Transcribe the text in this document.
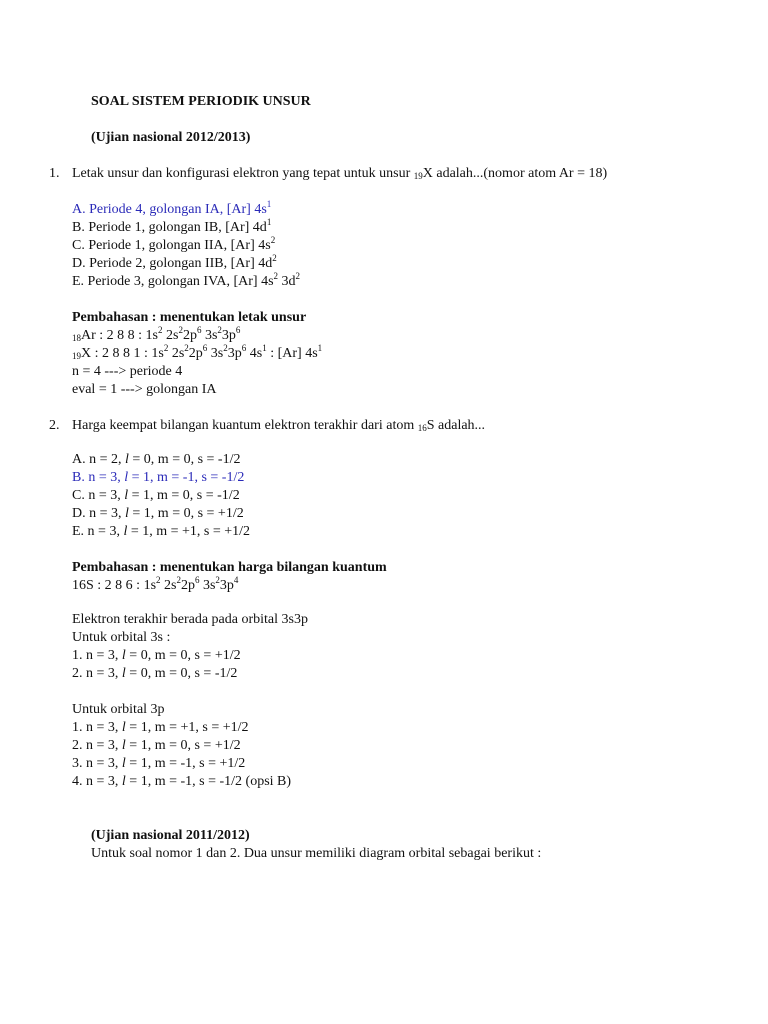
SOAL SISTEM PERIODIK UNSUR
(Ujian nasional 2012/2013)
1. Letak unsur dan konfigurasi elektron yang tepat untuk unsur 19X adalah...(nomor atom Ar = 18)
A. Periode 4, golongan IA, [Ar] $4s^1$
B. Periode 1, golongan IB, [Ar] $4d^1$
C. Periode 1, golongan IIA, [Ar] $4s^2$
D. Periode 2, golongan IIB, [Ar] $4d^2$
E. Periode 3, golongan IVA, [Ar] $4s^2$ $3d^2$
Pembahasan : menentukan letak unsur
18Ar : 2 8 8 : $1s^2$ $2s^22p^6$ $3s^23p^6$
19X : 2 8 8 1 : $1s^2$ $2s^22p^6$ $3s^23p^6$ $4s^1$ : [Ar] $4s^1$
n = 4 ---> periode 4
eval = 1 ---> golongan IA
2. Harga keempat bilangan kuantum elektron terakhir dari atom 16S adalah...
A. n = 2, l = 0, m = 0, s = -1/2
B. n = 3, l = 1, m = -1, s = -1/2
C. n = 3, l = 1, m = 0, s = -1/2
D. n = 3, l = 1, m = 0, s = +1/2
E. n = 3, l = 1, m = +1, s = +1/2
Pembahasan : menentukan harga bilangan kuantum
16S : 2 8 6 : $1s^2$ $2s^22p^6$ $3s^23p^4$
Elektron terakhir berada pada orbital 3s3p
Untuk orbital 3s :
1. n = 3, l = 0, m = 0, s = +1/2
2. n = 3, l = 0, m = 0, s = -1/2
Untuk orbital 3p
1. n = 3, l = 1, m = +1, s = +1/2
2. n = 3, l = 1, m = 0, s = +1/2
3. n = 3, l = 1, m = -1, s = +1/2
4. n = 3, l = 1, m = -1, s = -1/2 (opsi B)
(Ujian nasional 2011/2012)
Untuk soal nomor 1 dan 2. Dua unsur memiliki diagram orbital sebagai berikut :
